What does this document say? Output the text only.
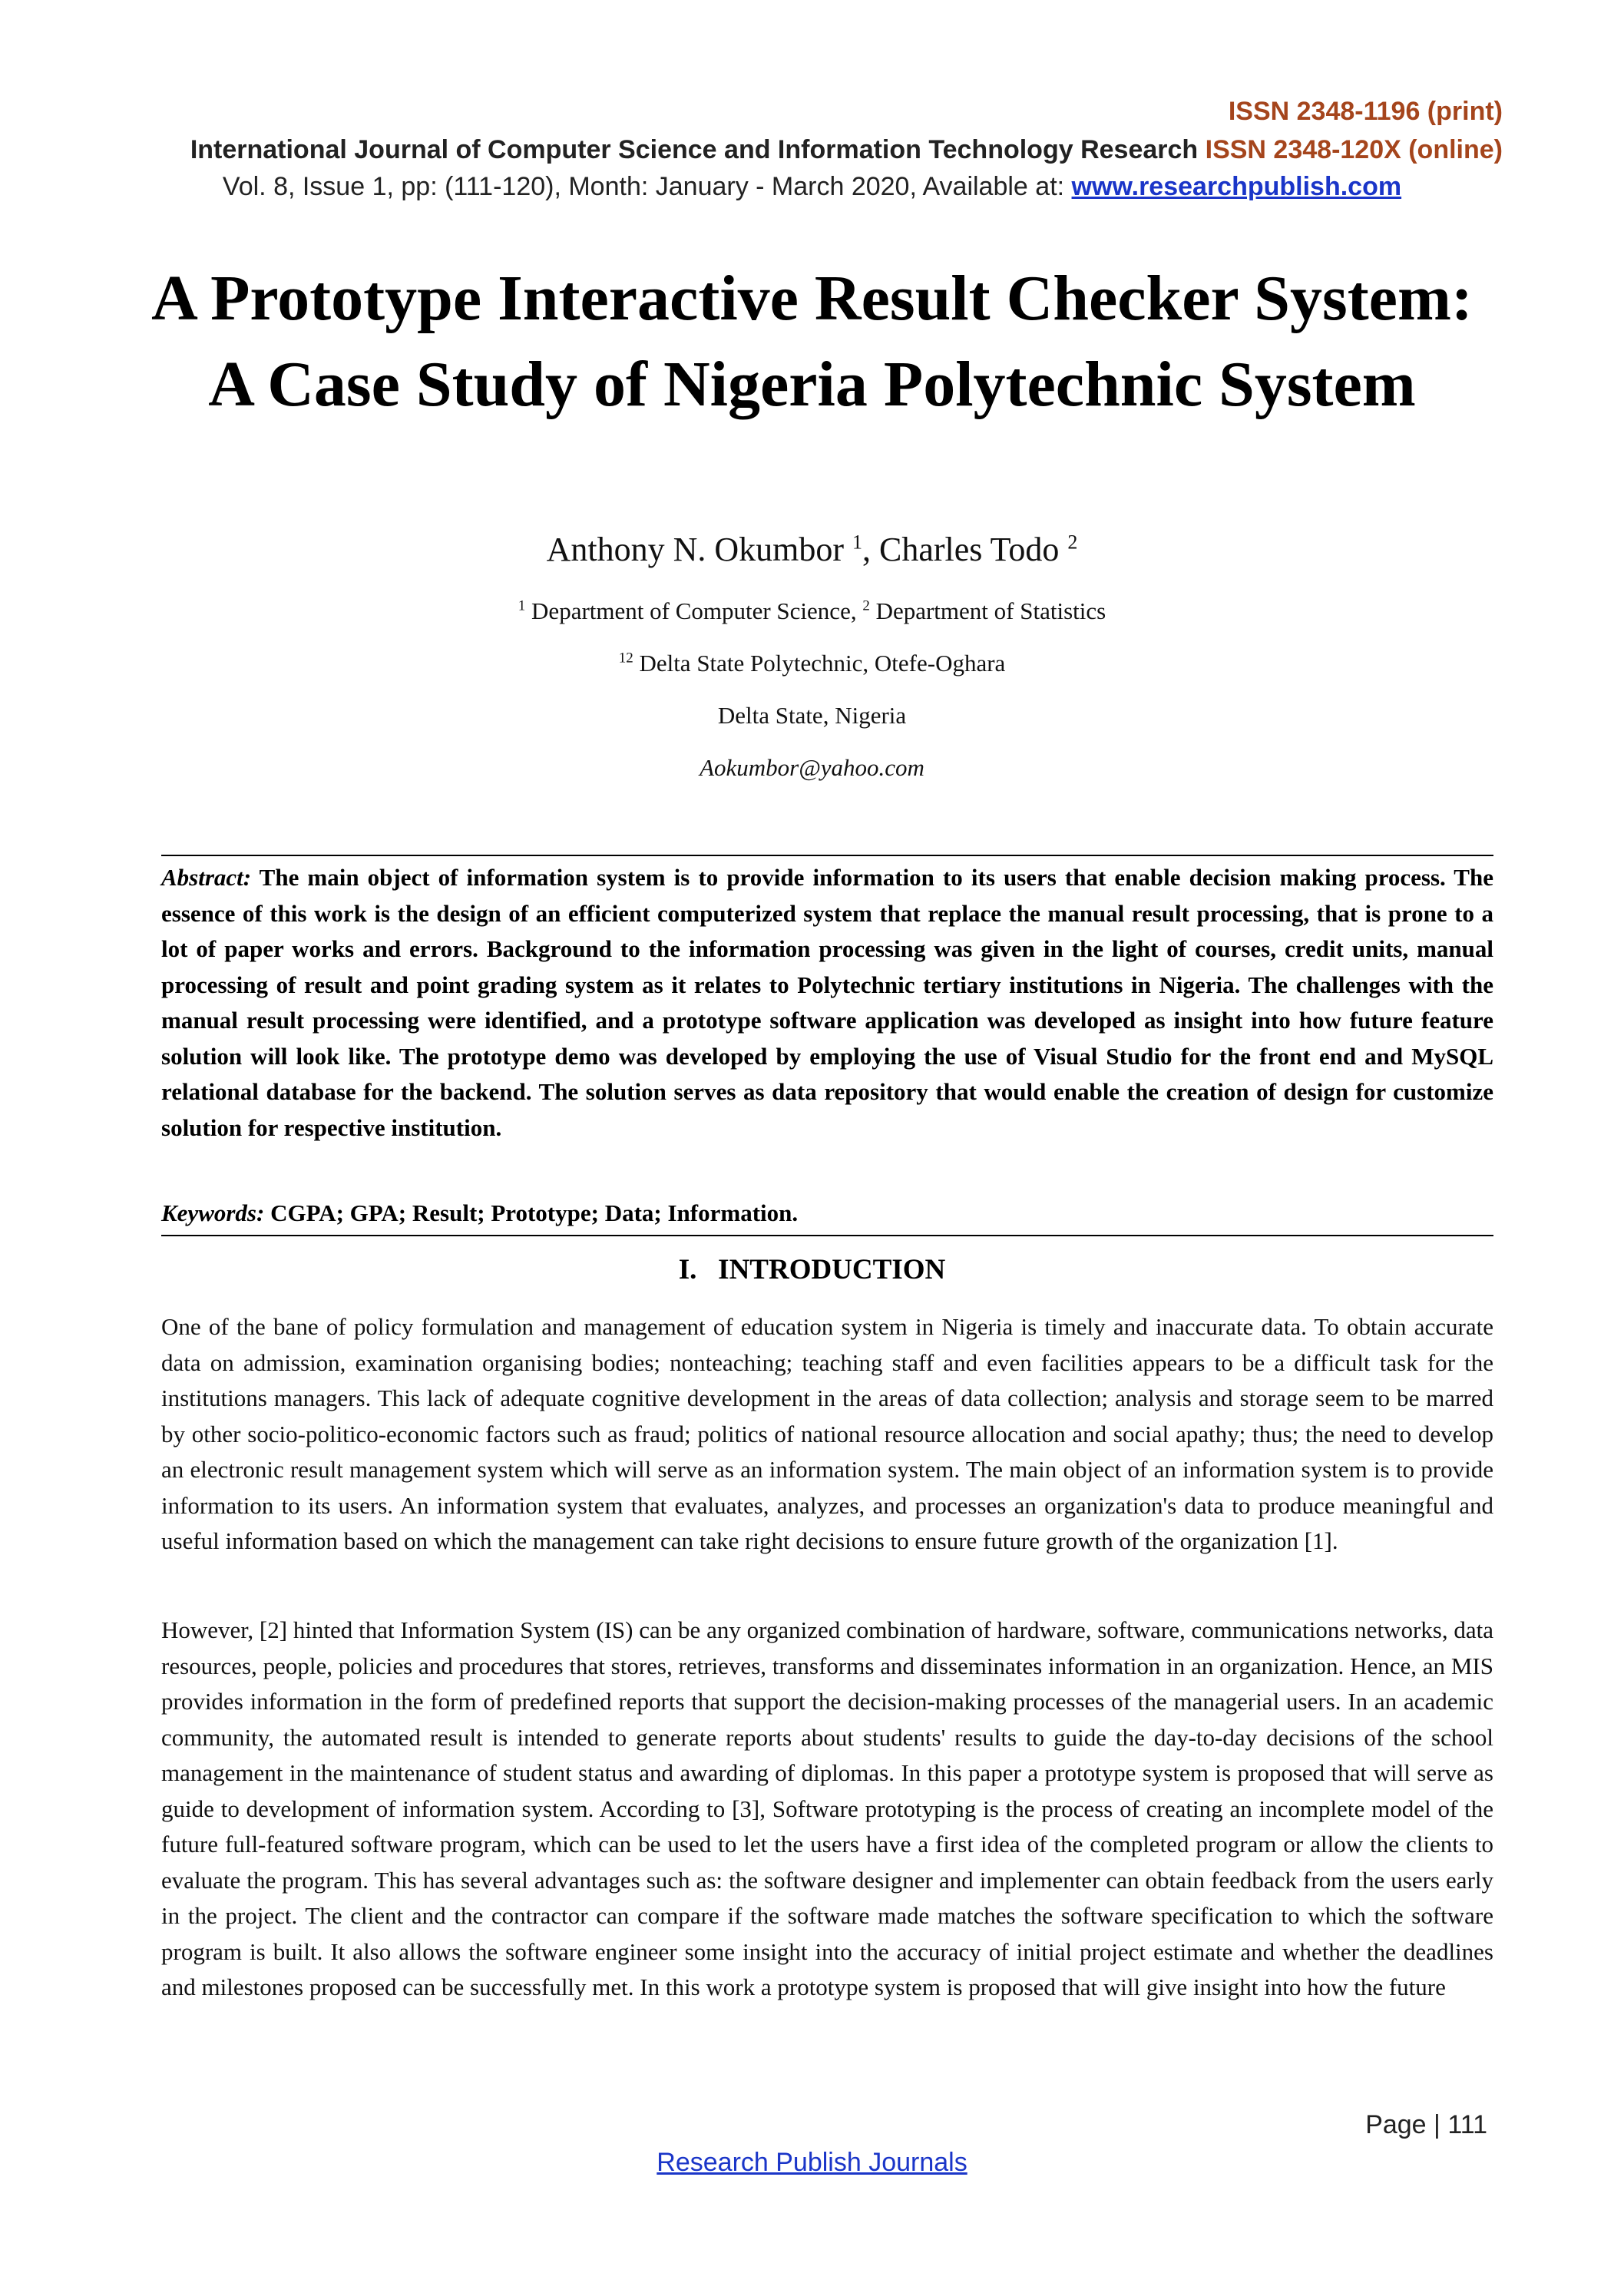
ISSN 2348-1196 (print)
International Journal of Computer Science and Information Technology Research ISSN 2348-120X (online)
Vol. 8, Issue 1, pp: (111-120), Month: January - March 2020, Available at: www.researchpublish.com
A Prototype Interactive Result Checker System: A Case Study of Nigeria Polytechnic System
Anthony N. Okumbor $^1$, Charles Todo $^2$
$^1$ Department of Computer Science, $^2$ Department of Statistics
$^{12}$ Delta State Polytechnic, Otefe-Oghara
Delta State, Nigeria
Aokumbor@yahoo.com

Abstract: The main object of information system is to provide information to its users that enable decision making process. The essence of this work is the design of an efficient computerized system that replace the manual result processing, that is prone to a lot of paper works and errors. Background to the information processing was given in the light of courses, credit units, manual processing of result and point grading system as it relates to Polytechnic tertiary institutions in Nigeria. The challenges with the manual result processing were identified, and a prototype software application was developed as insight into how future feature solution will look like. The prototype demo was developed by employing the use of Visual Studio for the front end and MySQL relational database for the backend. The solution serves as data repository that would enable the creation of design for customize solution for respective institution.

Keywords: CGPA; GPA; Result; Prototype; Data; Information.

I.   INTRODUCTION

One of the bane of policy formulation and management of education system in Nigeria is timely and inaccurate data. To obtain accurate data on admission, examination organising bodies; nonteaching; teaching staff and even facilities appears to be a difficult task for the institutions managers. This lack of adequate cognitive development in the areas of data collection; analysis and storage seem to be marred by other socio-politico-economic factors such as fraud; politics of national resource allocation and social apathy; thus; the need to develop an electronic result management system which will serve as an information system. The main object of an information system is to provide information to its users. An information system that evaluates, analyzes, and processes an organization's data to produce meaningful and useful information based on which the management can take right decisions to ensure future growth of the organization [1].

However, [2] hinted that Information System (IS) can be any organized combination of hardware, software, communications networks, data resources, people, policies and procedures that stores, retrieves, transforms and disseminates information in an organization. Hence, an MIS provides information in the form of predefined reports that support the decision-making processes of the managerial users. In an academic community, the automated result is intended to generate reports about students' results to guide the day-to-day decisions of the school management in the maintenance of student status and awarding of diplomas. In this paper a prototype system is proposed that will serve as guide to development of information system. According to [3], Software prototyping is the process of creating an incomplete model of the future full-featured software program, which can be used to let the users have a first idea of the completed program or allow the clients to evaluate the program. This has several advantages such as: the software designer and implementer can obtain feedback from the users early in the project. The client and the contractor can compare if the software made matches the software specification to which the software program is built. It also allows the software engineer some insight into the accuracy of initial project estimate and whether the deadlines and milestones proposed can be successfully met. In this work a prototype system is proposed that will give insight into how the future

Page | 111
Research Publish Journals
